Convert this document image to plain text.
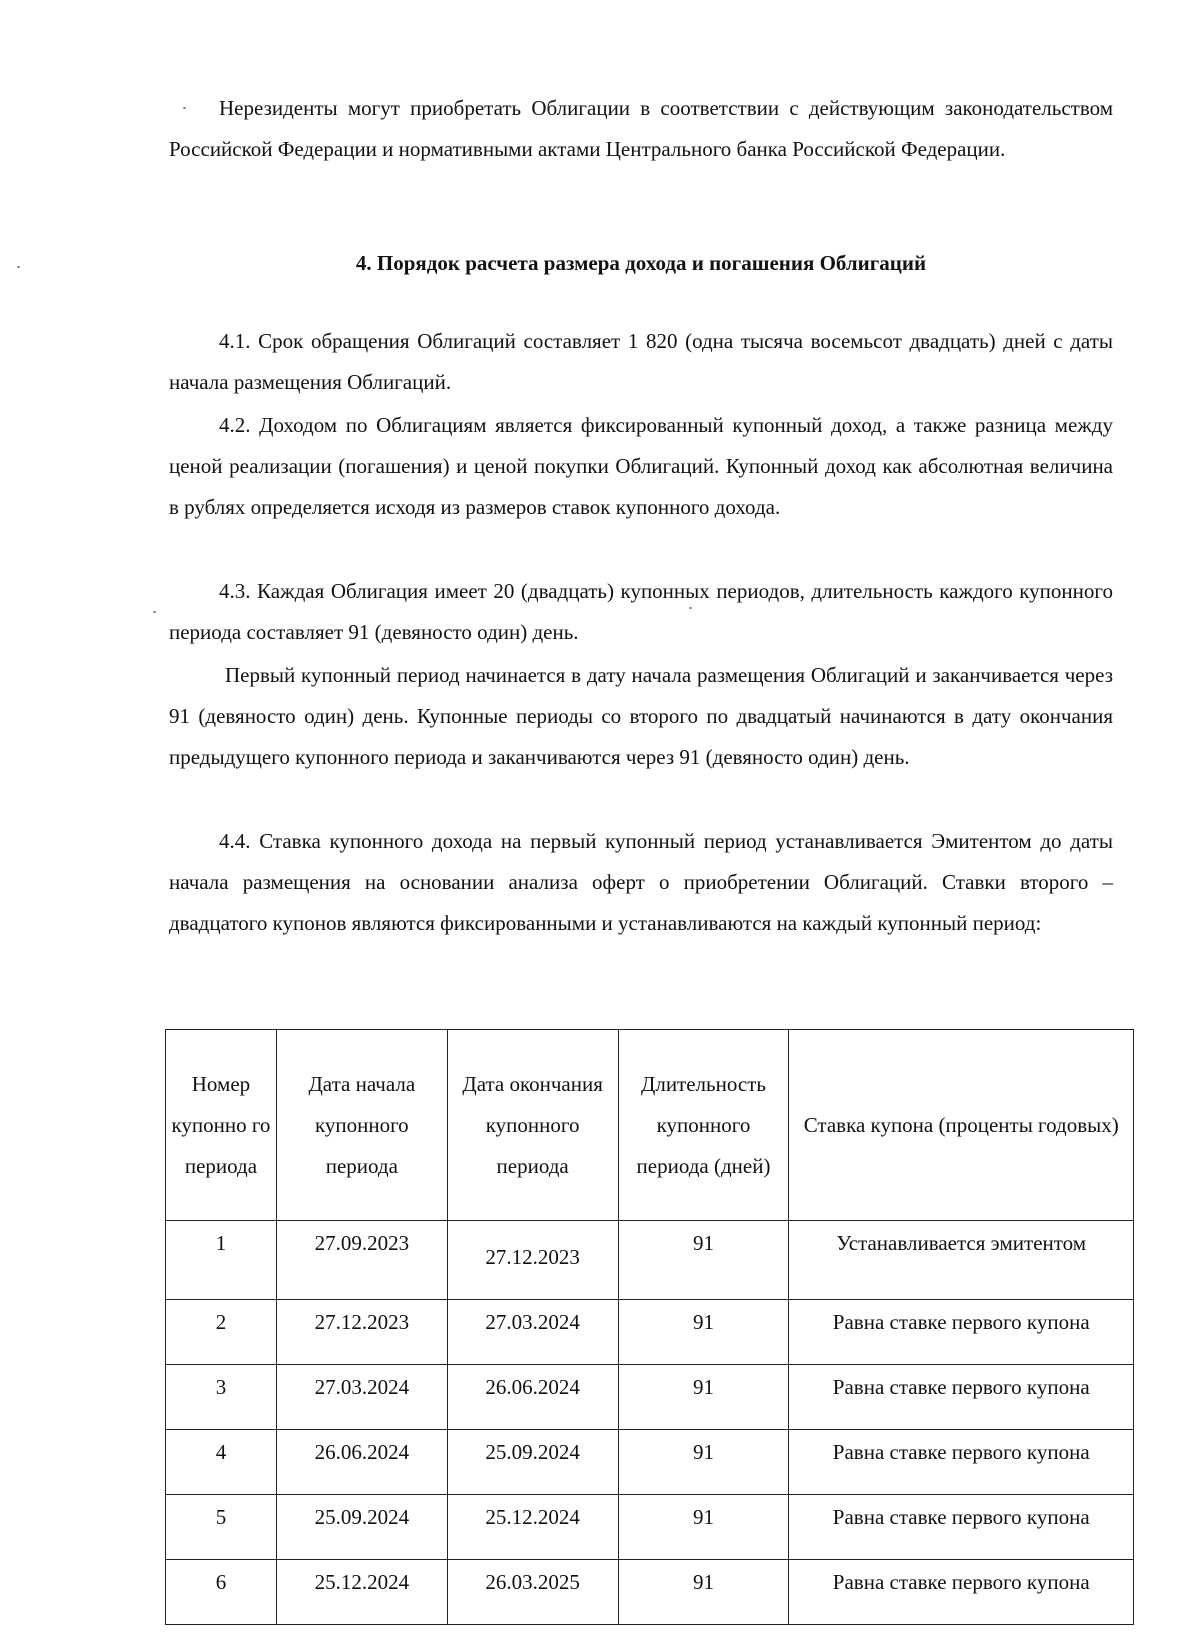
Нерезиденты могут приобретать Облигации в соответствии с действующим законодательством Российской Федерации и нормативными актами Центрального банка Российской Федерации.

4. Порядок расчета размера дохода и погашения Облигаций

4.1. Срок обращения Облигаций составляет 1 820 (одна тысяча восемьсот двадцать) дней с даты начала размещения Облигаций.

4.2. Доходом по Облигациям является фиксированный купонный доход, а также разница между ценой реализации (погашения) и ценой покупки Облигаций. Купонный доход как абсолютная величина в рублях определяется исходя из размеров ставок купонного дохода.

4.3. Каждая Облигация имеет 20 (двадцать) купонных периодов, длительность каждого купонного периода составляет 91 (девяносто один) день.

Первый купонный период начинается в дату начала размещения Облигаций и заканчивается через 91 (девяносто один) день. Купонные периоды со второго по двадцатый начинаются в дату окончания предыдущего купонного периода и заканчиваются через 91 (девяносто один) день.

4.4. Ставка купонного дохода на первый купонный период устанавливается Эмитентом до даты начала размещения на основании анализа оферт о приобретении Облигаций. Ставки второго – двадцатого купонов являются фиксированными и устанавливаются на каждый купонный период:

Номер купонно го периода	Дата начала купонного периода	Дата окончания купонного периода	Длительность купонного периода (дней)	Ставка купона (проценты годовых)
1	27.09.2023	27.12.2023	91	Устанавливается эмитентом
2	27.12.2023	27.03.2024	91	Равна ставке первого купона
3	27.03.2024	26.06.2024	91	Равна ставке первого купона
4	26.06.2024	25.09.2024	91	Равна ставке первого купона
5	25.09.2024	25.12.2024	91	Равна ставке первого купона
6	25.12.2024	26.03.2025	91	Равна ставке первого купона
